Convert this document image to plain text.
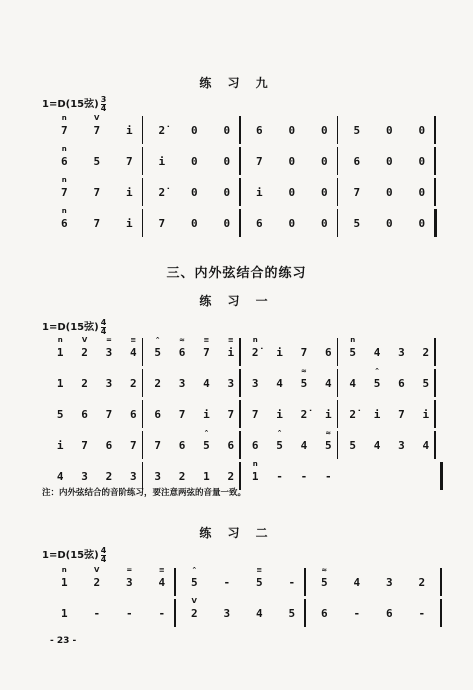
练 习 九
1=D(15弦) $\frac{3}{4}$
7
n
7
V
i 2̇ 0 0 6 0 0 5 0 0
6
n
5 7 i 0 0 7 0 0 6 0 0
7
n
7 i 2̇ 0 0 i 0 0 7 0 0
6
n
7 i 7 0 0 6 0 0 5 0 0
三、内外弦结合的练习
练 习 一
1=D(15弦) $\frac{4}{4}$
1
n
2
V
3
=
4
≡
5
⌃
6
≈
7
≡
i
≡
2̇
n
i 7 6 5
n
4 3 2
1 2 3 2 2 3 4 3 3 4 5
≈
4 4 5
⌃
6 5
5 6 7 6 6 7 i 7 7 i 2̇ i 2̇ i 7 i
i 7 6 7 7 6 5
⌃
6 6 5
⌃
4 5
≈
5 4 3 4
4 3 2 3 3 2 1 2 1
n
- - -
注：内外弦结合的音阶练习，要注意两弦的音量一致。
练 习 二
1=D(15弦) $\frac{4}{4}$
1
n
2
V
3
=
4
≡
5
⌃
- 5
≡
- 5
≈
4 3 2
1 - - - 2
V
3 4 5 6 - 6 -
- 23 -
